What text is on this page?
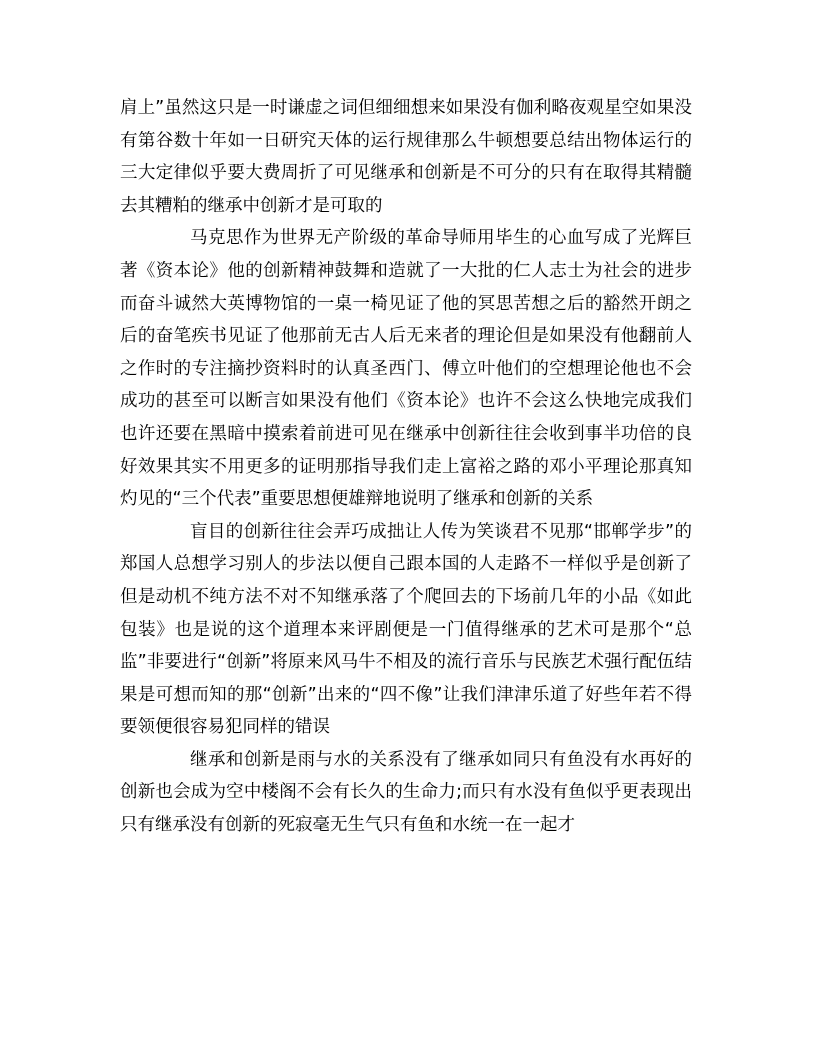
肩上”虽然这只是一时谦虚之词但细细想来如果没有伽利略夜观星空如果没有第谷数十年如一日研究天体的运行规律那么牛顿想要总结出物体运行的三大定律似乎要大费周折了可见继承和创新是不可分的只有在取得其精髓去其糟粕的继承中创新才是可取的

马克思作为世界无产阶级的革命导师用毕生的心血写成了光辉巨著《资本论》他的创新精神鼓舞和造就了一大批的仁人志士为社会的进步而奋斗诚然大英博物馆的一桌一椅见证了他的冥思苦想之后的豁然开朗之后的奋笔疾书见证了他那前无古人后无来者的理论但是如果没有他翻前人之作时的专注摘抄资料时的认真圣西门、傅立叶他们的空想理论他也不会成功的甚至可以断言如果没有他们《资本论》也许不会这么快地完成我们也许还要在黑暗中摸索着前进可见在继承中创新往往会收到事半功倍的良好效果其实不用更多的证明那指导我们走上富裕之路的邓小平理论那真知灼见的“三个代表”重要思想便雄辩地说明了继承和创新的关系

盲目的创新往往会弄巧成拙让人传为笑谈君不见那“邯郸学步”的郑国人总想学习别人的步法以便自己跟本国的人走路不一样似乎是创新了但是动机不纯方法不对不知继承落了个爬回去的下场前几年的小品《如此包装》也是说的这个道理本来评剧便是一门值得继承的艺术可是那个“总监”非要进行“创新”将原来风马牛不相及的流行音乐与民族艺术强行配伍结果是可想而知的那“创新”出来的“四不像”让我们津津乐道了好些年若不得要领便很容易犯同样的错误

继承和创新是雨与水的关系没有了继承如同只有鱼没有水再好的创新也会成为空中楼阁不会有长久的生命力;而只有水没有鱼似乎更表现出只有继承没有创新的死寂毫无生气只有鱼和水统一在一起才
